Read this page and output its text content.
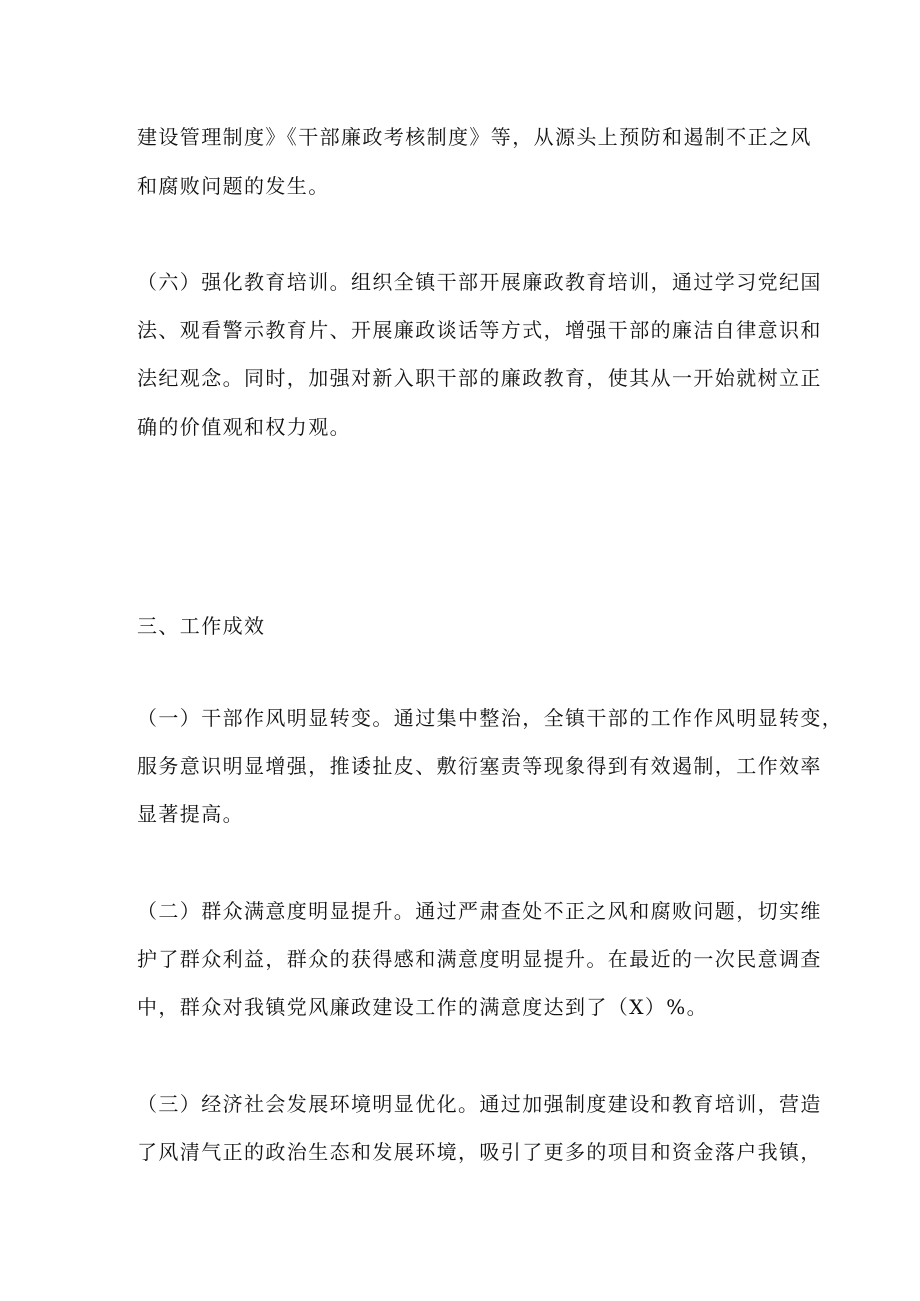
建设管理制度》《干部廉政考核制度》等，从源头上预防和遏制不正之风
和腐败问题的发生。
（六）强化教育培训。组织全镇干部开展廉政教育培训，通过学习党纪国
法、观看警示教育片、开展廉政谈话等方式，增强干部的廉洁自律意识和
法纪观念。同时，加强对新入职干部的廉政教育，使其从一开始就树立正
确的价值观和权力观。
三、工作成效
（一）干部作风明显转变。通过集中整治，全镇干部的工作作风明显转变，
服务意识明显增强，推诿扯皮、敷衍塞责等现象得到有效遏制，工作效率
显著提高。
（二）群众满意度明显提升。通过严肃查处不正之风和腐败问题，切实维
护了群众利益，群众的获得感和满意度明显提升。在最近的一次民意调查
中，群众对我镇党风廉政建设工作的满意度达到了（X）%。
（三）经济社会发展环境明显优化。通过加强制度建设和教育培训，营造
了风清气正的政治生态和发展环境，吸引了更多的项目和资金落户我镇，
